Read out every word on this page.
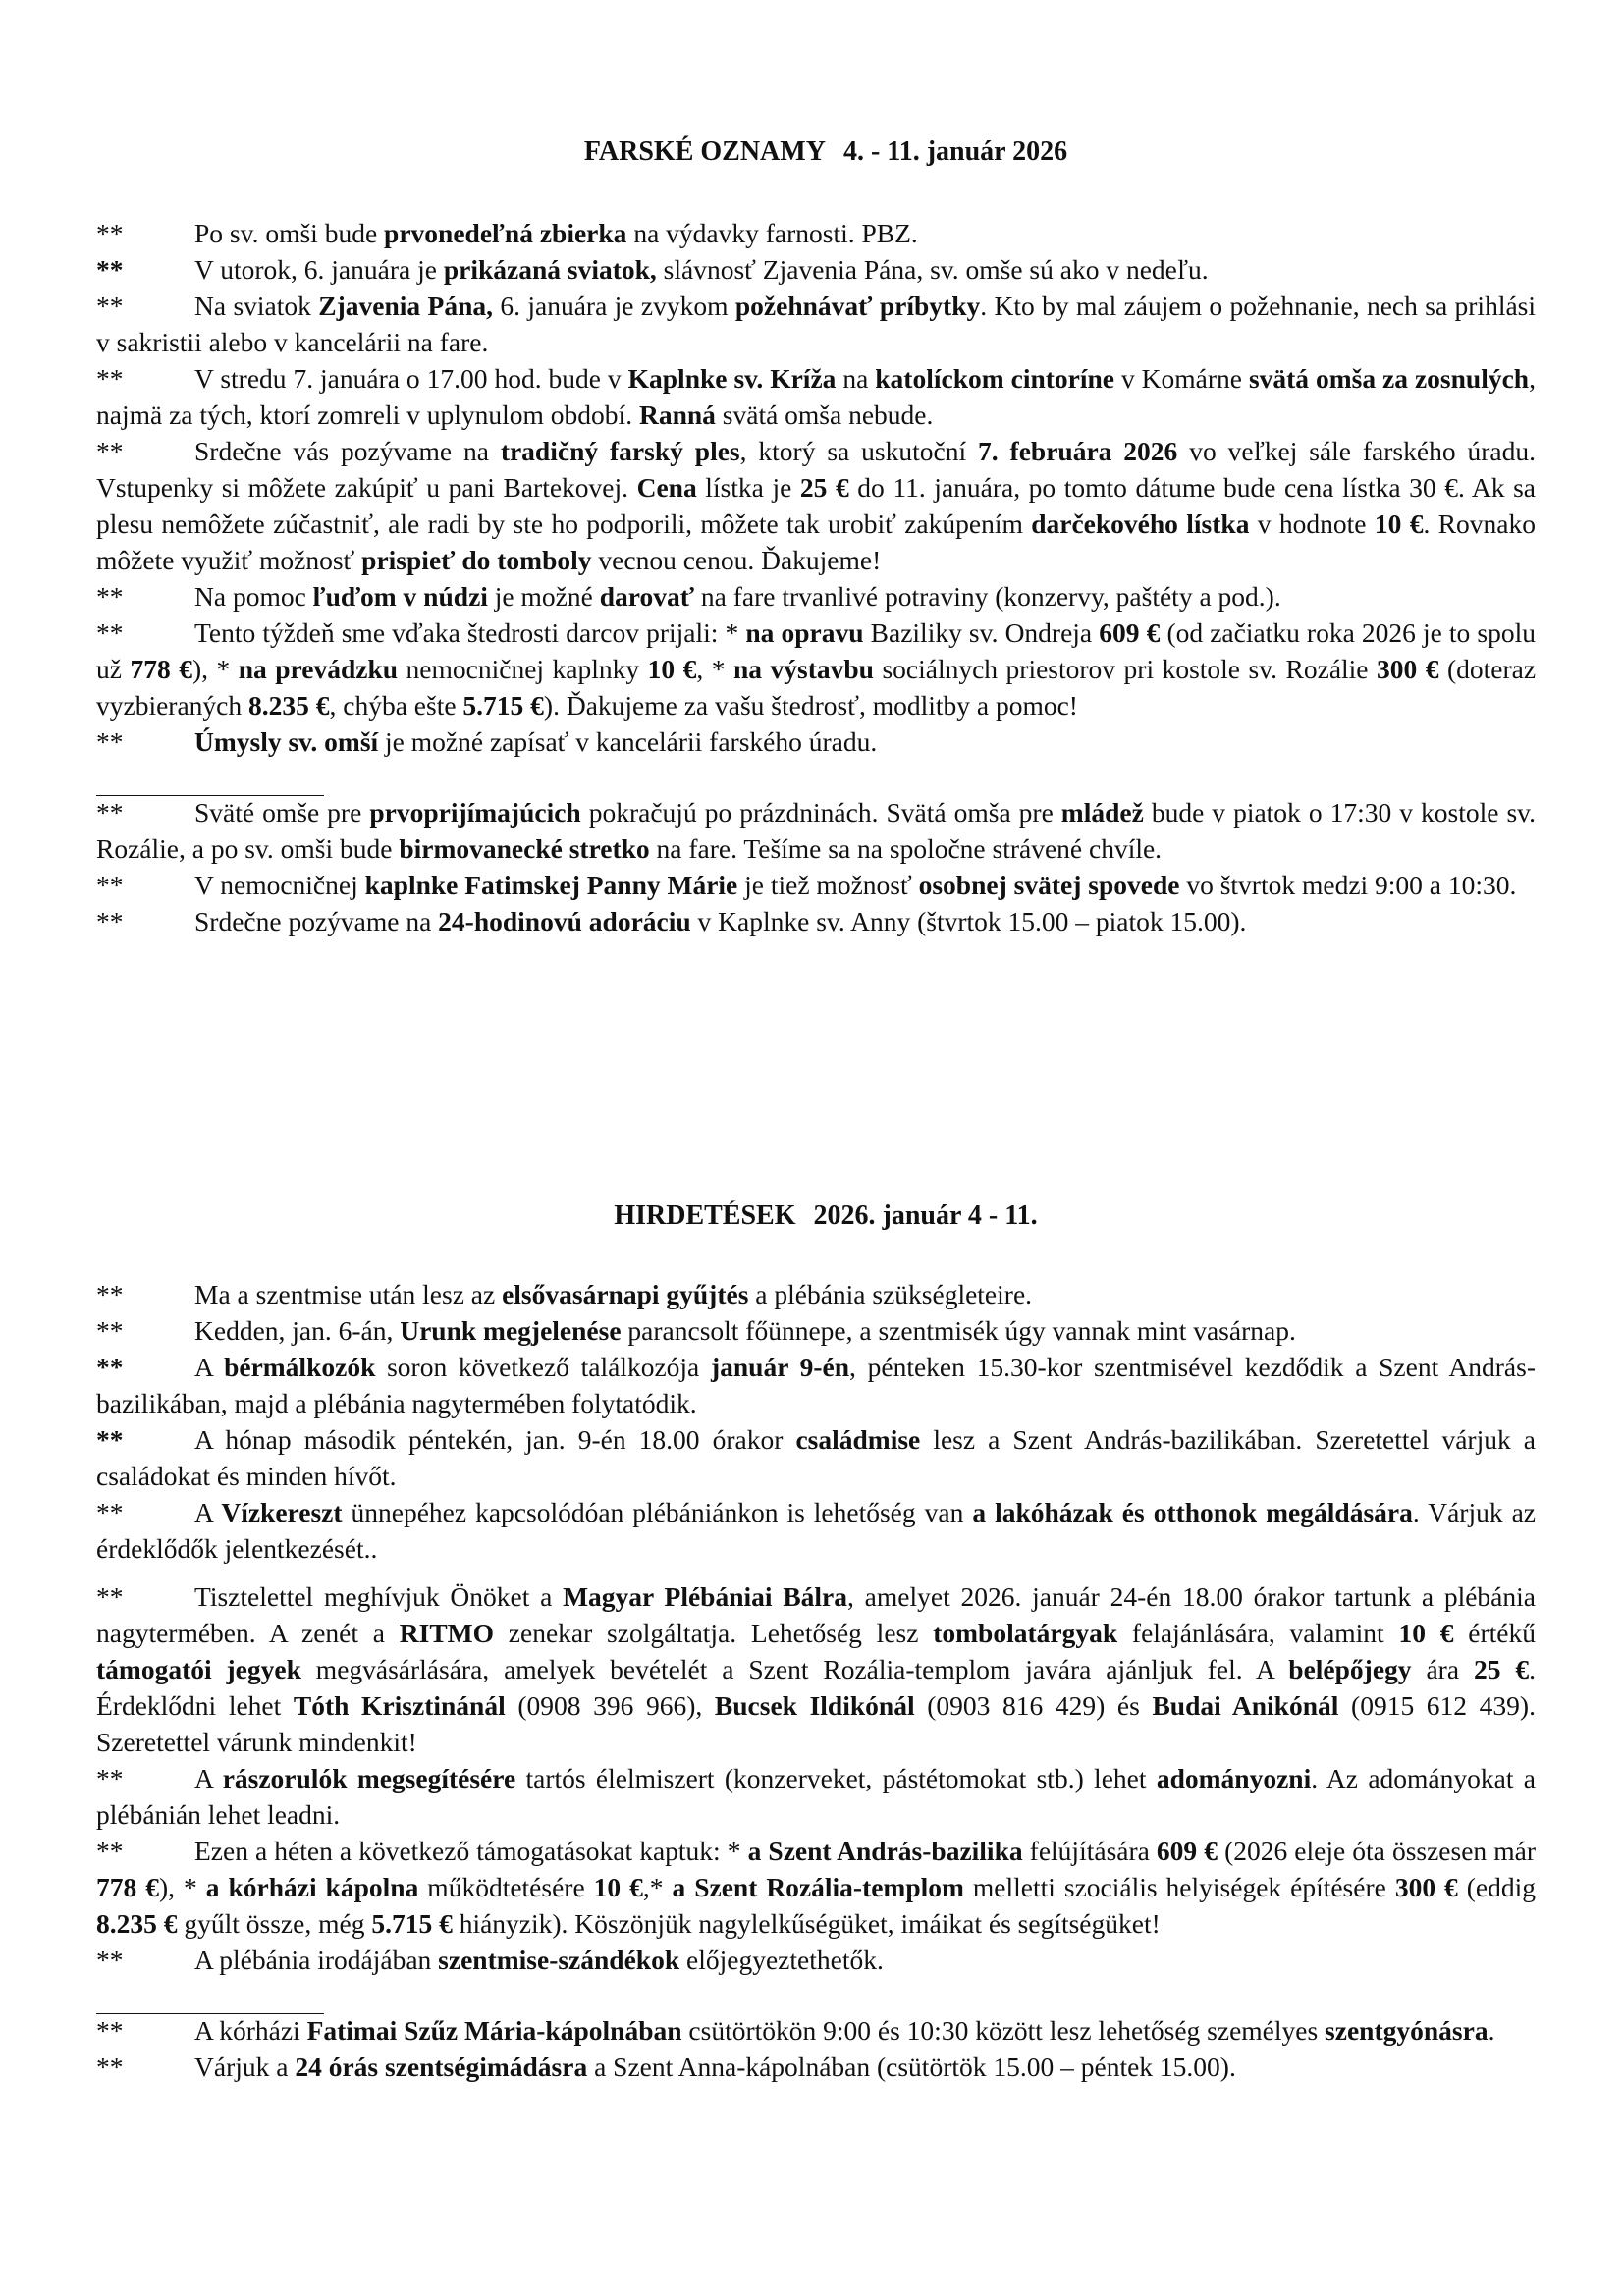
FARSKÉ OZNAMY 4. - 11. január 2026

**	Po sv. omši bude prvonedeľná zbierka na výdavky farnosti. PBZ.

**	V utorok, 6. januára je prikázaná sviatok, slávnosť Zjavenia Pána, sv. omše sú ako v nedeľu.

**	Na sviatok Zjavenia Pána, 6. januára je zvykom požehnávať príbytky. Kto by mal záujem o požehnanie, nech sa prihlási v sakristii alebo v kancelárii na fare.

**	V stredu 7. januára o 17.00 hod. bude v Kaplnke sv. Kríža na katolíckom cintoríne v Komárne svätá omša za zosnulých, najmä za tých, ktorí zomreli v uplynulom období. Ranná svätá omša nebude.

**	Srdečne vás pozývame na tradičný farský ples, ktorý sa uskutoční 7. februára 2026 vo veľkej sále farského úradu. Vstupenky si môžete zakúpiť u pani Bartekovej. Cena lístka je 25 € do 11. januára, po tomto dátume bude cena lístka 30 €. Ak sa plesu nemôžete zúčastniť, ale radi by ste ho podporili, môžete tak urobiť zakúpením darčekového lístka v hodnote 10 €. Rovnako môžete využiť možnosť prispieť do tomboly vecnou cenou. Ďakujeme!

**	Na pomoc ľuďom v núdzi je možné darovať na fare trvanlivé potraviny (konzervy, paštéty a pod.).

**	Tento týždeň sme vďaka štedrosti darcov prijali: * na opravu Baziliky sv. Ondreja 609 € (od začiatku roka 2026 je to spolu už 778 €), * na prevádzku nemocničnej kaplnky 10 €, * na výstavbu sociálnych priestorov pri kostole sv. Rozálie 300 € (doteraz vyzbieraných 8.235 €, chýba ešte 5.715 €). Ďakujeme za vašu štedrosť, modlitby a pomoc!

**	Úmysly sv. omší je možné zapísať v kancelárii farského úradu.

**	Sväté omše pre prvoprijímajúcich pokračujú po prázdninách. Svätá omša pre mládež bude v piatok o 17:30 v kostole sv. Rozálie, a po sv. omši bude birmovanecké stretko na fare. Tešíme sa na spoločne strávené chvíle.

**	V nemocničnej kaplnke Fatimskej Panny Márie je tiež možnosť osobnej svätej spovede vo štvrtok medzi 9:00 a 10:30.

**	Srdečne pozývame na 24-hodinovú adoráciu v Kaplnke sv. Anny (štvrtok 15.00 – piatok 15.00).

HIRDETÉSEK 2026. január 4 - 11.

**	Ma a szentmise után lesz az elsővasárnapi gyűjtés a plébánia szükségleteire.

**	Kedden, jan. 6-án, Urunk megjelenése parancsolt főünnepe, a szentmisék úgy vannak mint vasárnap.

**	A bérmálkozók soron következő találkozója január 9-én, pénteken 15.30-kor szentmisével kezdődik a Szent András-bazilikában, majd a plébánia nagytermében folytatódik.

**	A hónap második péntekén, jan. 9-én 18.00 órakor családmise lesz a Szent András-bazilikában. Szeretettel várjuk a családokat és minden hívőt.

**	A Vízkereszt ünnepéhez kapcsolódóan plébániánkon is lehetőség van a lakóházak és otthonok megáldására. Várjuk az érdeklődők jelentkezését..

**	Tisztelettel meghívjuk Önöket a Magyar Plébániai Bálra, amelyet 2026. január 24-én 18.00 órakor tartunk a plébánia nagytermében. A zenét a RITMO zenekar szolgáltatja. Lehetőség lesz tombolatárgyak felajánlására, valamint 10 € értékű támogatói jegyek megvásárlására, amelyek bevételét a Szent Rozália-templom javára ajánljuk fel. A belépőjegy ára 25 €. Érdeklődni lehet Tóth Krisztinánál (0908 396 966), Bucsek Ildikónál (0903 816 429) és Budai Anikónál (0915 612 439). Szeretettel várunk mindenkit!

**	A rászorulók megsegítésére tartós élelmiszert (konzerveket, pástétomokat stb.) lehet adományozni. Az adományokat a plébánián lehet leadni.

**	Ezen a héten a következő támogatásokat kaptuk: * a Szent András-bazilika felújítására 609 € (2026 eleje óta összesen már 778 €), * a kórházi kápolna működtetésére 10 €,* a Szent Rozália-templom melletti szociális helyiségek építésére 300 € (eddig 8.235 € gyűlt össze, még 5.715 € hiányzik). Köszönjük nagylelkűségüket, imáikat és segítségüket!

**	A plébánia irodájában szentmise-szándékok előjegyeztethetők.

**	A kórházi Fatimai Szűz Mária-kápolnában csütörtökön 9:00 és 10:30 között lesz lehetőség személyes szentgyónásra.

**	Várjuk a 24 órás szentségimádásra a Szent Anna-kápolnában (csütörtök 15.00 – péntek 15.00).
